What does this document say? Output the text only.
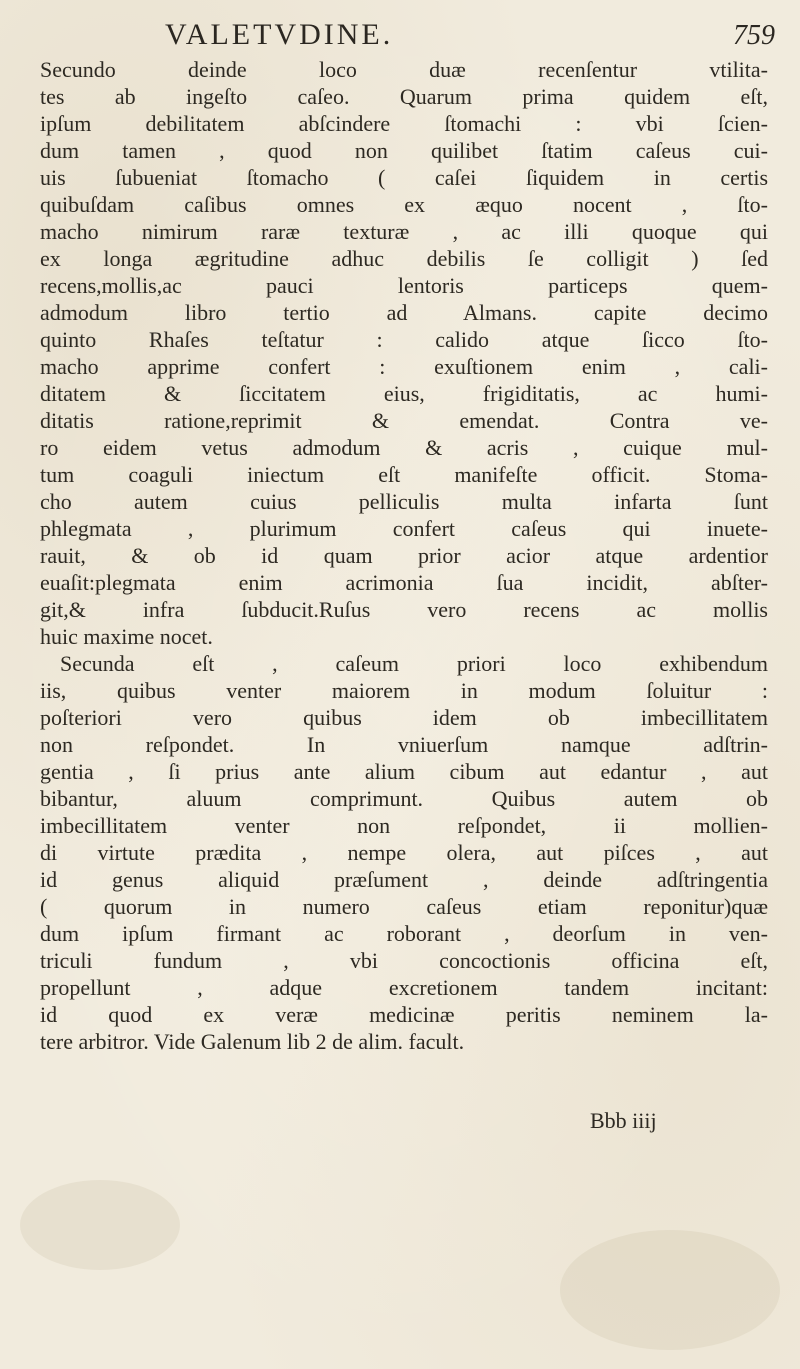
VALETVDINE.	759
Secundo deinde loco duæ recenſentur vtilita-
tes ab ingeſto caſeo. Quarum prima quidem eſt,
ipſum debilitatem abſcindere ſtomachi : vbi ſcien-
dum tamen , quod non quilibet ſtatim caſeus cui-
uis ſubueniat ſtomacho ( caſei ſiquidem in certis
quibuſdam caſibus omnes ex æquo nocent , ſto-
macho nimirum raræ texturæ , ac illi quoque qui
ex longa ægritudine adhuc debilis ſe colligit ) ſed
recens,mollis,ac pauci lentoris particeps quem-
admodum libro tertio ad Almans. capite decimo
quinto Rhaſes teſtatur : calido atque ſicco ſto-
macho apprime confert : exuſtionem enim , cali-
ditatem & ſiccitatem eius, frigiditatis, ac humi-
ditatis ratione,reprimit & emendat. Contra ve-
ro eidem vetus admodum & acris , cuique mul-
tum coaguli iniectum eſt manifeſte officit. Stoma-
cho autem cuius pelliculis multa infarta ſunt
phlegmata , plurimum confert caſeus qui inuete-
rauit, & ob id quam prior acior atque ardentior
euaſit:plegmata enim acrimonia ſua incidit, abſter-
git,& infra ſubducit.Ruſus vero recens ac mollis
huic maxime nocet.
Secunda eſt , caſeum priori loco exhibendum
iis, quibus venter maiorem in modum ſoluitur :
poſteriori vero quibus idem ob imbecillitatem
non reſpondet. In vniuerſum namque adſtrin-
gentia , ſi prius ante alium cibum aut edantur , aut
bibantur, aluum comprimunt. Quibus autem ob
imbecillitatem venter non reſpondet, ii mollien-
di virtute prædita , nempe olera, aut piſces , aut
id genus aliquid præſument , deinde adſtringentia
( quorum in numero caſeus etiam reponitur)quæ
dum ipſum firmant ac roborant , deorſum in ven-
triculi fundum , vbi concoctionis officina eſt,
propellunt , adque excretionem tandem incitant:
id quod ex veræ medicinæ peritis neminem la-
tere arbitror. Vide Galenum lib 2 de alim. facult.
Bbb iiij
